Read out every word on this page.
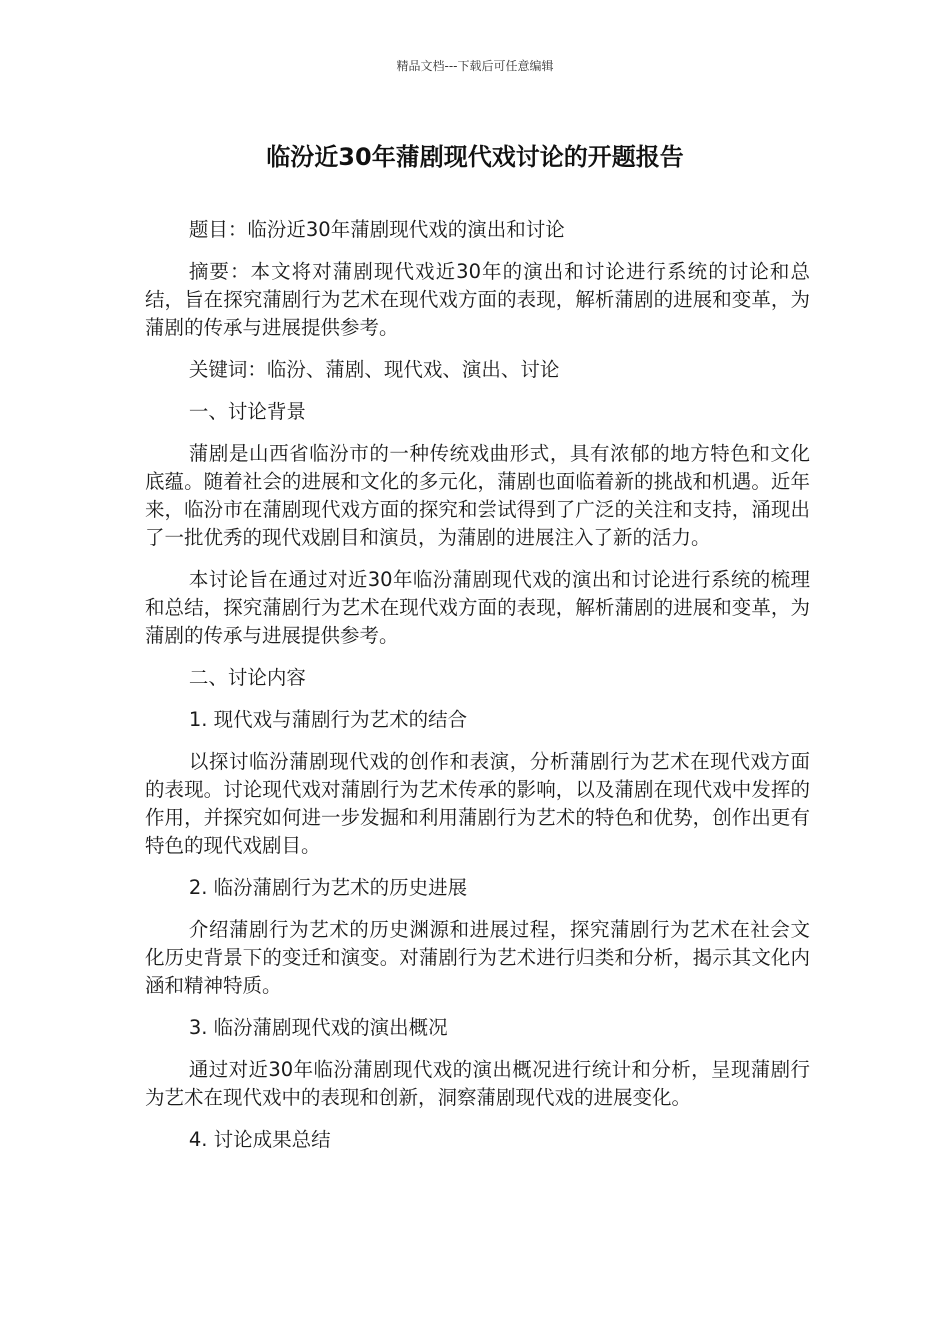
精品文档---下载后可任意编辑
临汾近30年蒲剧现代戏讨论的开题报告

题目：临汾近30年蒲剧现代戏的演出和讨论

摘要：本文将对蒲剧现代戏近30年的演出和讨论进行系统的讨论和总结，旨在探究蒲剧行为艺术在现代戏方面的表现，解析蒲剧的进展和变革，为蒲剧的传承与进展提供参考。

关键词：临汾、蒲剧、现代戏、演出、讨论

一、讨论背景

蒲剧是山西省临汾市的一种传统戏曲形式，具有浓郁的地方特色和文化底蕴。随着社会的进展和文化的多元化，蒲剧也面临着新的挑战和机遇。近年来，临汾市在蒲剧现代戏方面的探究和尝试得到了广泛的关注和支持，涌现出了一批优秀的现代戏剧目和演员，为蒲剧的进展注入了新的活力。

本讨论旨在通过对近30年临汾蒲剧现代戏的演出和讨论进行系统的梳理和总结，探究蒲剧行为艺术在现代戏方面的表现，解析蒲剧的进展和变革，为蒲剧的传承与进展提供参考。

二、讨论内容

1. 现代戏与蒲剧行为艺术的结合

以探讨临汾蒲剧现代戏的创作和表演，分析蒲剧行为艺术在现代戏方面的表现。讨论现代戏对蒲剧行为艺术传承的影响，以及蒲剧在现代戏中发挥的作用，并探究如何进一步发掘和利用蒲剧行为艺术的特色和优势，创作出更有特色的现代戏剧目。

2. 临汾蒲剧行为艺术的历史进展

介绍蒲剧行为艺术的历史渊源和进展过程，探究蒲剧行为艺术在社会文化历史背景下的变迁和演变。对蒲剧行为艺术进行归类和分析，揭示其文化内涵和精神特质。

3. 临汾蒲剧现代戏的演出概况

通过对近30年临汾蒲剧现代戏的演出概况进行统计和分析，呈现蒲剧行为艺术在现代戏中的表现和创新，洞察蒲剧现代戏的进展变化。

4. 讨论成果总结
